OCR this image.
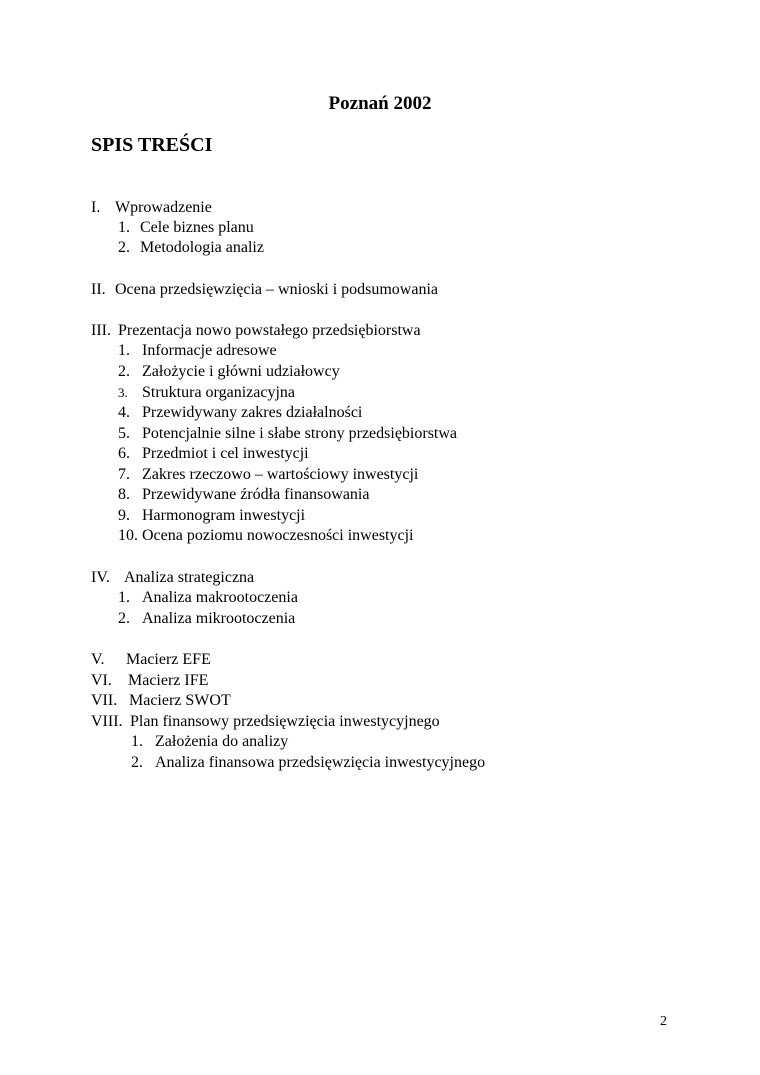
Poznań 2002
SPIS TREŚCI
I. Wprowadzenie
1. Cele biznes planu
2. Metodologia analiz
II. Ocena przedsięwzięcia – wnioski i podsumowania
III. Prezentacja nowo powstałego przedsiębiorstwa
1. Informacje adresowe
2. Założycie i główni udziałowcy
3. Struktura organizacyjna
4. Przewidywany zakres działalności
5. Potencjalnie silne i słabe strony przedsiębiorstwa
6. Przedmiot i cel inwestycji
7. Zakres rzeczowo – wartościowy inwestycji
8. Przewidywane źródła finansowania
9. Harmonogram inwestycji
10. Ocena poziomu nowoczesności inwestycji
IV. Analiza strategiczna
1. Analiza makrootoczenia
2. Analiza mikrootoczenia
V. Macierz EFE
VI. Macierz IFE
VII. Macierz SWOT
VIII. Plan finansowy przedsięwzięcia inwestycyjnego
1. Założenia do analizy
2. Analiza finansowa przedsięwzięcia inwestycyjnego
2
